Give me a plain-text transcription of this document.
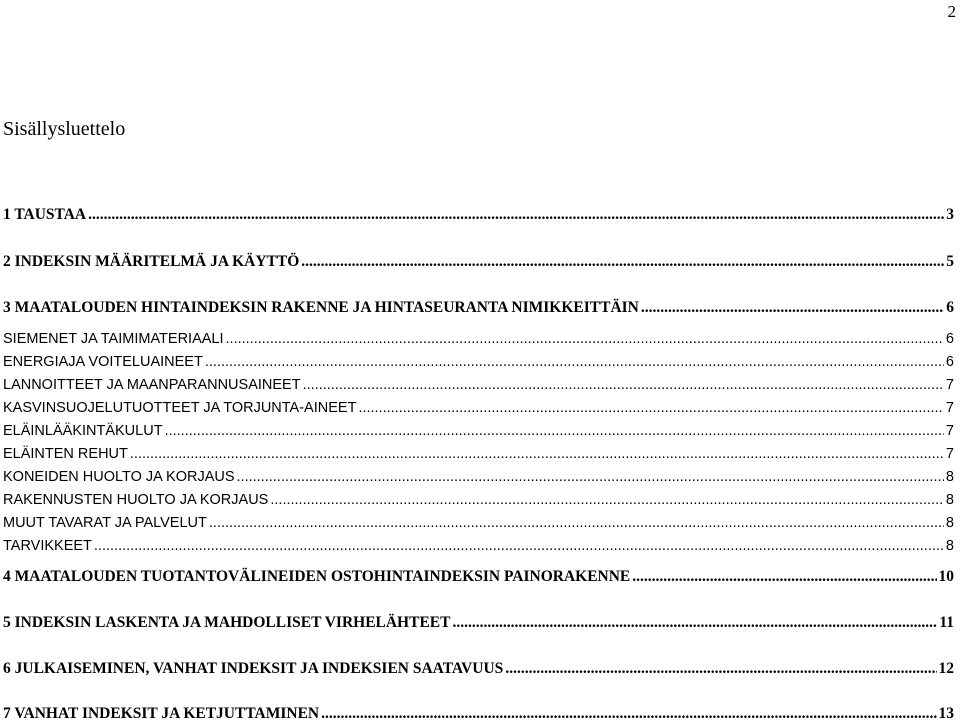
2
Sisällysluettelo
1 TAUSTAA .....	3
2 INDEKSIN MÄÄRITELMÄ JA KÄYTTÖ .....	5
3 MAATALOUDEN HINTAINDEKSIN RAKENNE JA HINTASEURANTA NIMIKKEITTÄIN .....	6
SIEMENET JA TAIMIMATERIAALI .....	6
ENERGIAJA VOITELUAINEET .....	6
LANNOITTEET JA MAANPARANNUSAINEET .....	7
KASVINSUOJELUTUOTTEET JA TORJUNTA-AINEET .....	7
ELÄINLÄÄKINTÄKULUT .....	7
ELÄINTEN REHUT .....	7
KONEIDEN HUOLTO JA KORJAUS .....	8
RAKENNUSTEN HUOLTO JA KORJAUS .....	8
MUUT TAVARAT JA PALVELUT .....	8
TARVIKKEET .....	8
4 MAATALOUDEN TUOTANTOVÄLINEIDEN OSTOHINTAINDEKSIN PAINORAKENNE .....	10
5 INDEKSIN LASKENTA JA MAHDOLLISET VIRHELÄHTEET .....	11
6 JULKAISEMINEN, VANHAT INDEKSIT JA INDEKSIEN SAATAVUUS .....	12
7 VANHAT INDEKSIT JA KETJUTTAMINEN .....	13
